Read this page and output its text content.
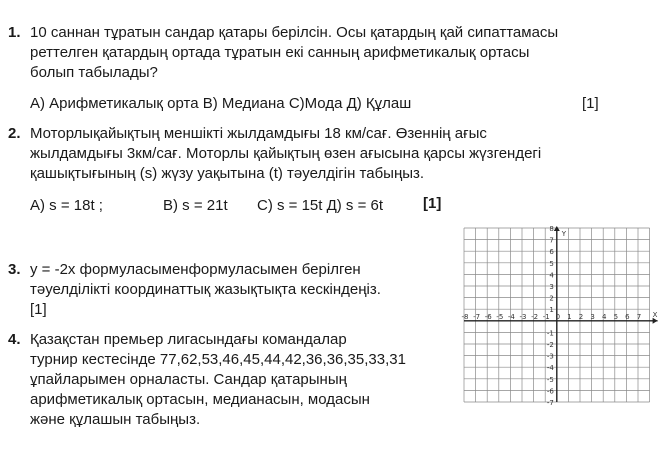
1. 10 саннан тұратын сандар қатары берілсін. Осы қатардың қай сипаттамасы
реттелген қатардың ортада тұратын екі санның арифметикалық ортасы
болып табылады?
А) Арифметикалық орта В) Медиана С)Мода Д) Құлаш	[1]
2. Моторлықайықтың меншікті жылдамдығы 18 км/сағ. Өзеннің ағыс
жылдамдығы 3км/сағ. Моторлы қайықтың өзен ағысына қарсы жүзгендегі
қашықтығының (s) жүзу уақытына (t) тәуелдігін табыңыз.
А) s = 18t ;	В) s = 21t С) s = 15t Д) s = 6t	[1]
3. у = -2х формуласыменформуласымен берілген
тәуелділікті координаттық жазықтықта кескіндеңіз.
[1]
4. Қазақстан премьер лигасындағы командалар
турнир кестесінде 77,62,53,46,45,44,42,36,36,35,33,31
ұпайларымен орналасты. Сандар қатарының
арифметикалық ортасын, медианасын, модасын
және құлашын табыңыз.
-8 -7 -6 -5 -4 -3 -2 -1 0 1 2 3 4 5 6 7
8
7
6
5
4
3
2
1
-1
-2
-3
-4
-5
-6
-7
X
Y
